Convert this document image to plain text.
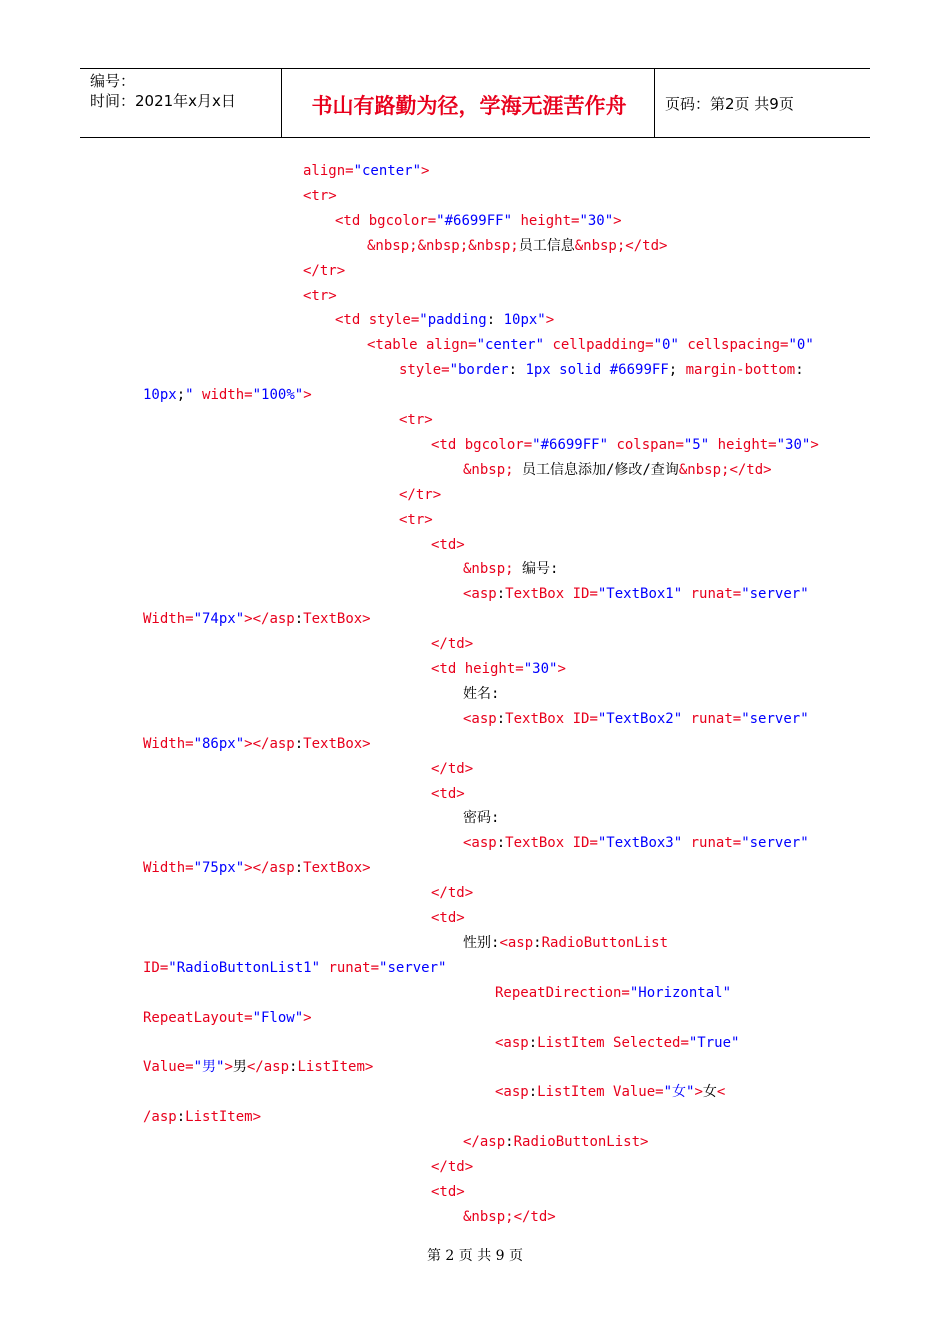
编号：
时间：2021年x月x日	书山有路勤为径，学海无涯苦作舟	页码：第2页 共9页
align="center">
<tr>
<td bgcolor="#6699FF" height="30">
&nbsp;&nbsp;&nbsp;员工信息&nbsp;</td>
</tr>
<tr>
<td style="padding: 10px">
<table align="center" cellpadding="0" cellspacing="0"
style="border: 1px solid #6699FF; margin-bottom:
10px;" width="100%">
<tr>
<td bgcolor="#6699FF" colspan="5" height="30">
&nbsp; 员工信息添加/修改/查询&nbsp;</td>
</tr>
<tr>
<td>
&nbsp; 编号:
<asp:TextBox ID="TextBox1" runat="server"
Width="74px"></asp:TextBox>
</td>
<td height="30">
姓名:
<asp:TextBox ID="TextBox2" runat="server"
Width="86px"></asp:TextBox>
</td>
<td>
密码:
<asp:TextBox ID="TextBox3" runat="server"
Width="75px"></asp:TextBox>
</td>
<td>
性别:<asp:RadioButtonList
ID="RadioButtonList1" runat="server"
RepeatDirection="Horizontal"
RepeatLayout="Flow">
<asp:ListItem Selected="True"
Value="男">男</asp:ListItem>
<asp:ListItem Value="女">女<
/asp:ListItem>
</asp:RadioButtonList>
</td>
<td>
&nbsp;</td>
第 2 页 共 9 页
